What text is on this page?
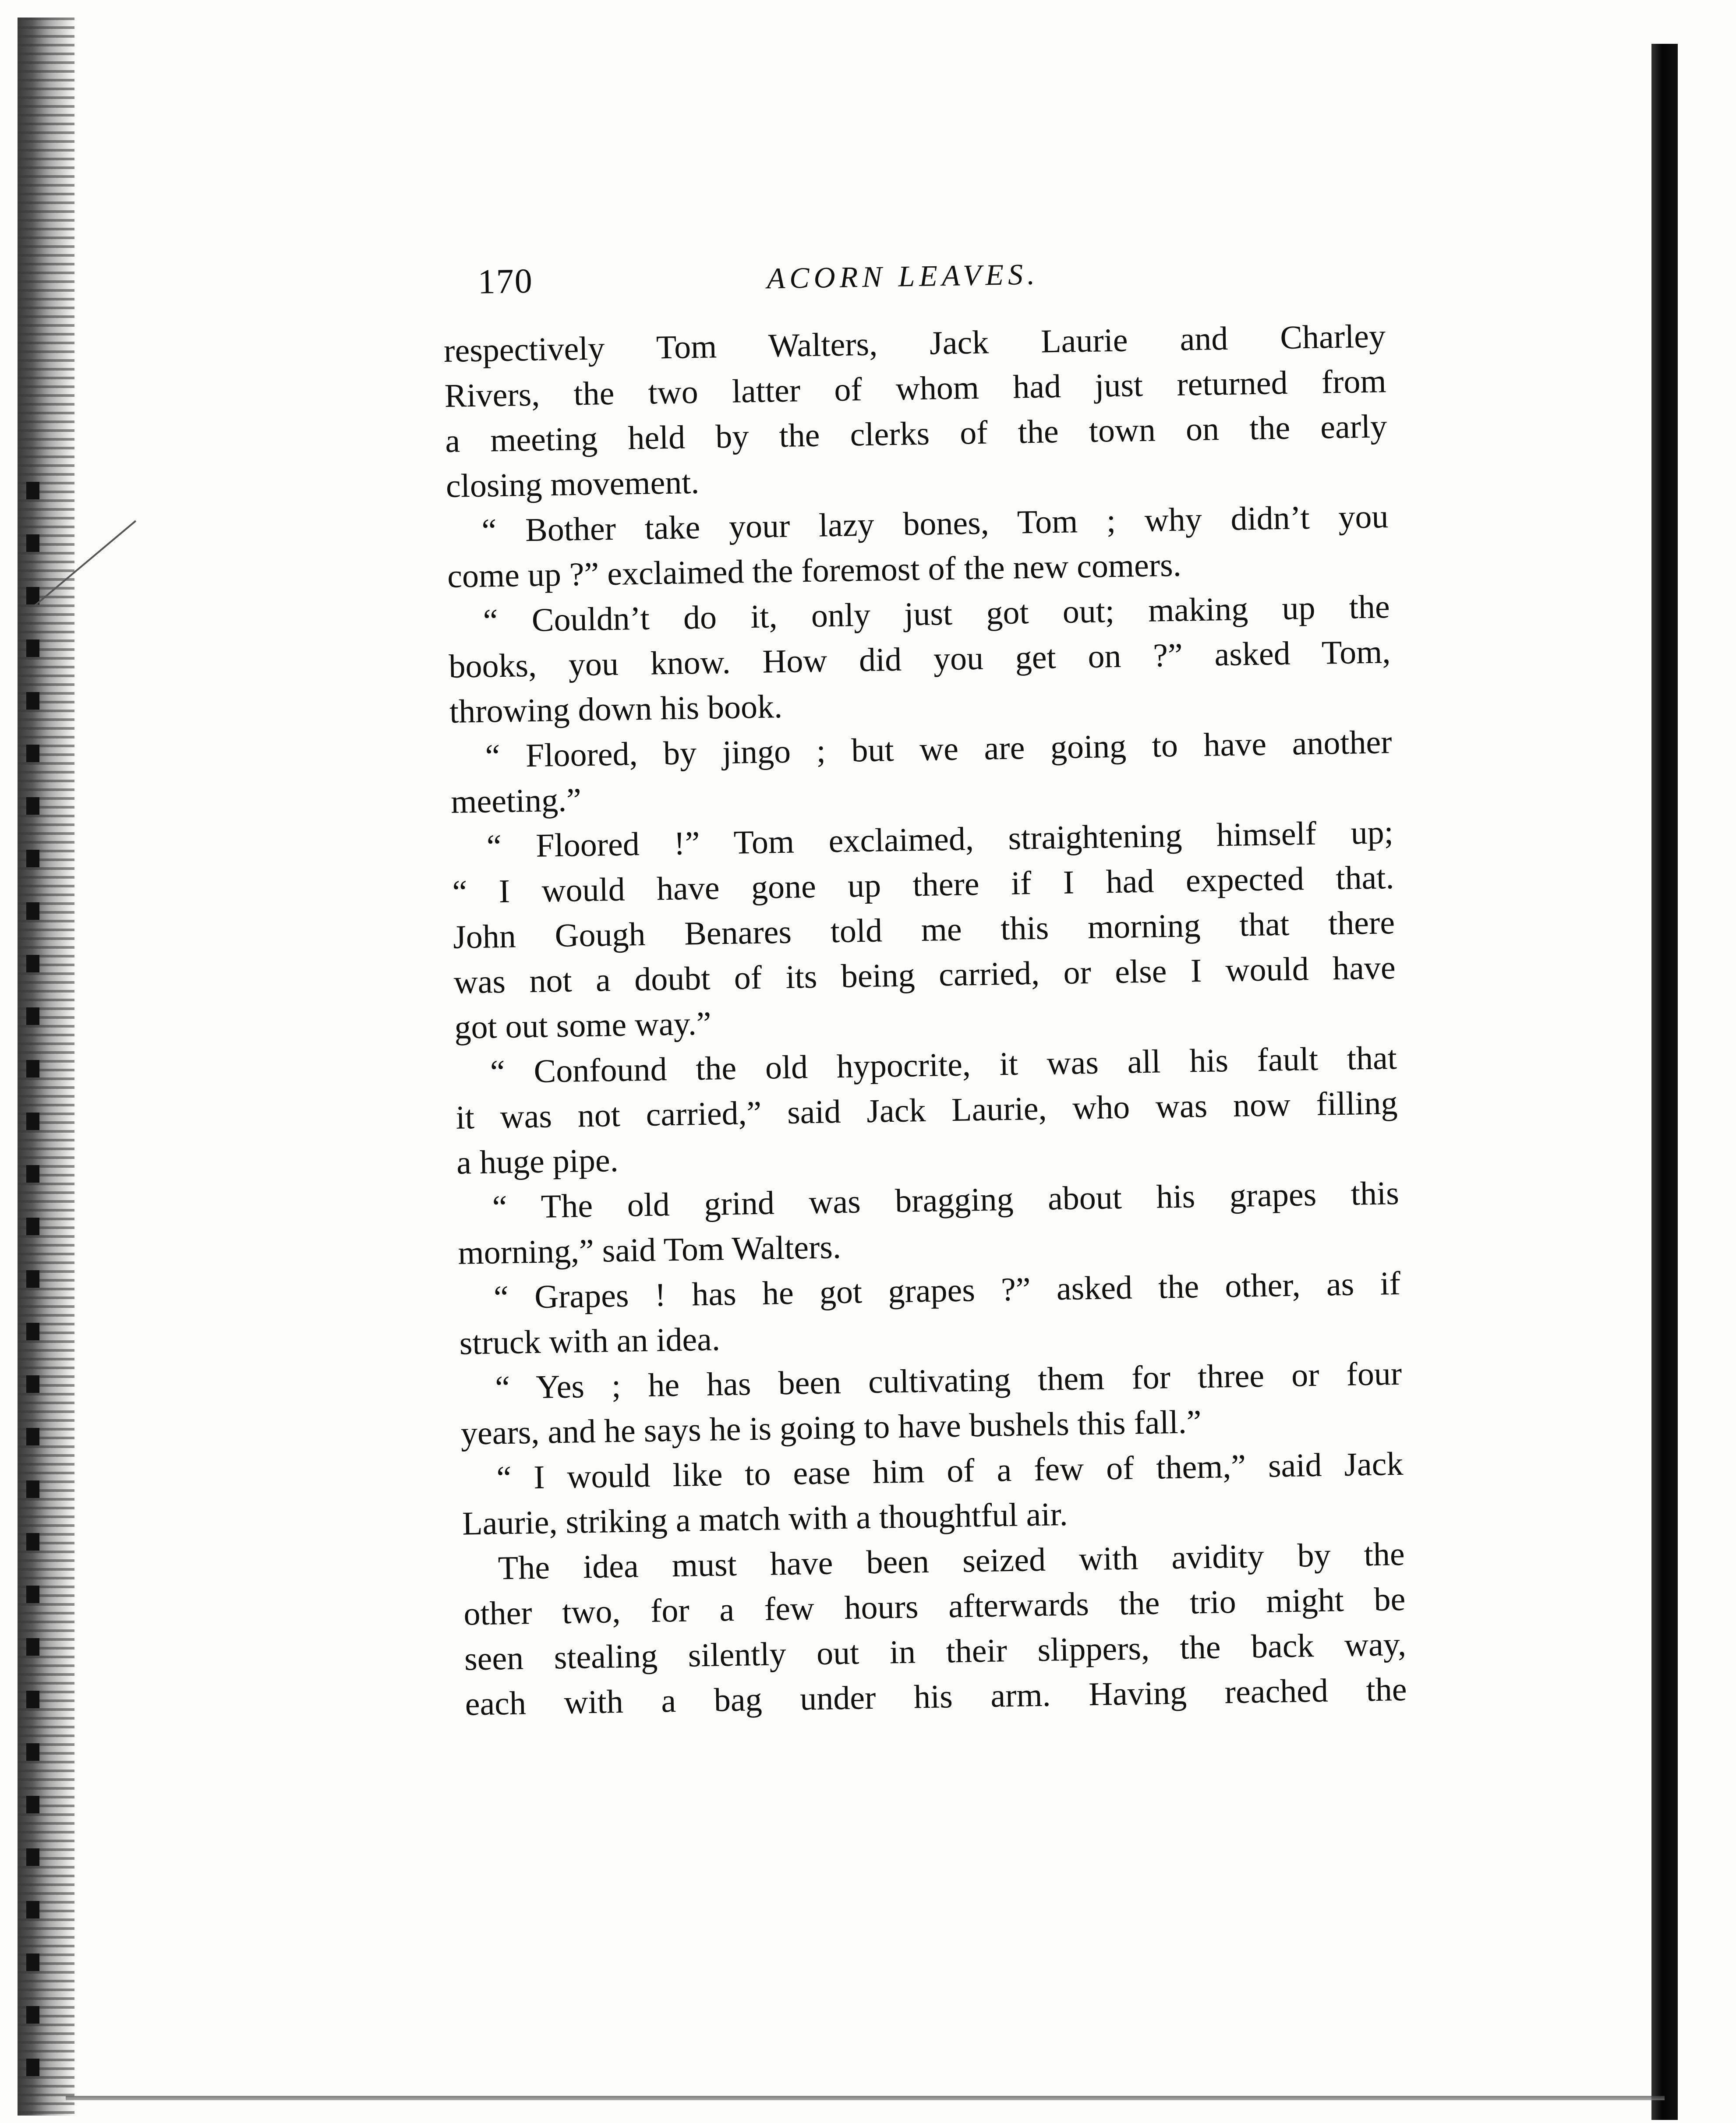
170	ACORN LEAVES.
respectively Tom Walters, Jack Laurie and Charley
Rivers, the two latter of whom had just returned from
a meeting held by the clerks of the town on the early
closing movement.
“ Bother take your lazy bones, Tom ; why didn’t you
come up ?” exclaimed the foremost of the new comers.
“ Couldn’t do it, only just got out; making up the
books, you know. How did you get on ?” asked Tom,
throwing down his book.
“ Floored, by jingo ; but we are going to have another
meeting.”
“ Floored !” Tom exclaimed, straightening himself up;
“ I would have gone up there if I had expected that.
John Gough Benares told me this morning that there
was not a doubt of its being carried, or else I would have
got out some way.”
“ Confound the old hypocrite, it was all his fault that
it was not carried,” said Jack Laurie, who was now filling
a huge pipe.
“ The old grind was bragging about his grapes this
morning,” said Tom Walters.
“ Grapes ! has he got grapes ?” asked the other, as if
struck with an idea.
“ Yes ; he has been cultivating them for three or four
years, and he says he is going to have bushels this fall.”
“ I would like to ease him of a few of them,” said Jack
Laurie, striking a match with a thoughtful air.
The idea must have been seized with avidity by the
other two, for a few hours afterwards the trio might be
seen stealing silently out in their slippers, the back way,
each with a bag under his arm. Having reached the
